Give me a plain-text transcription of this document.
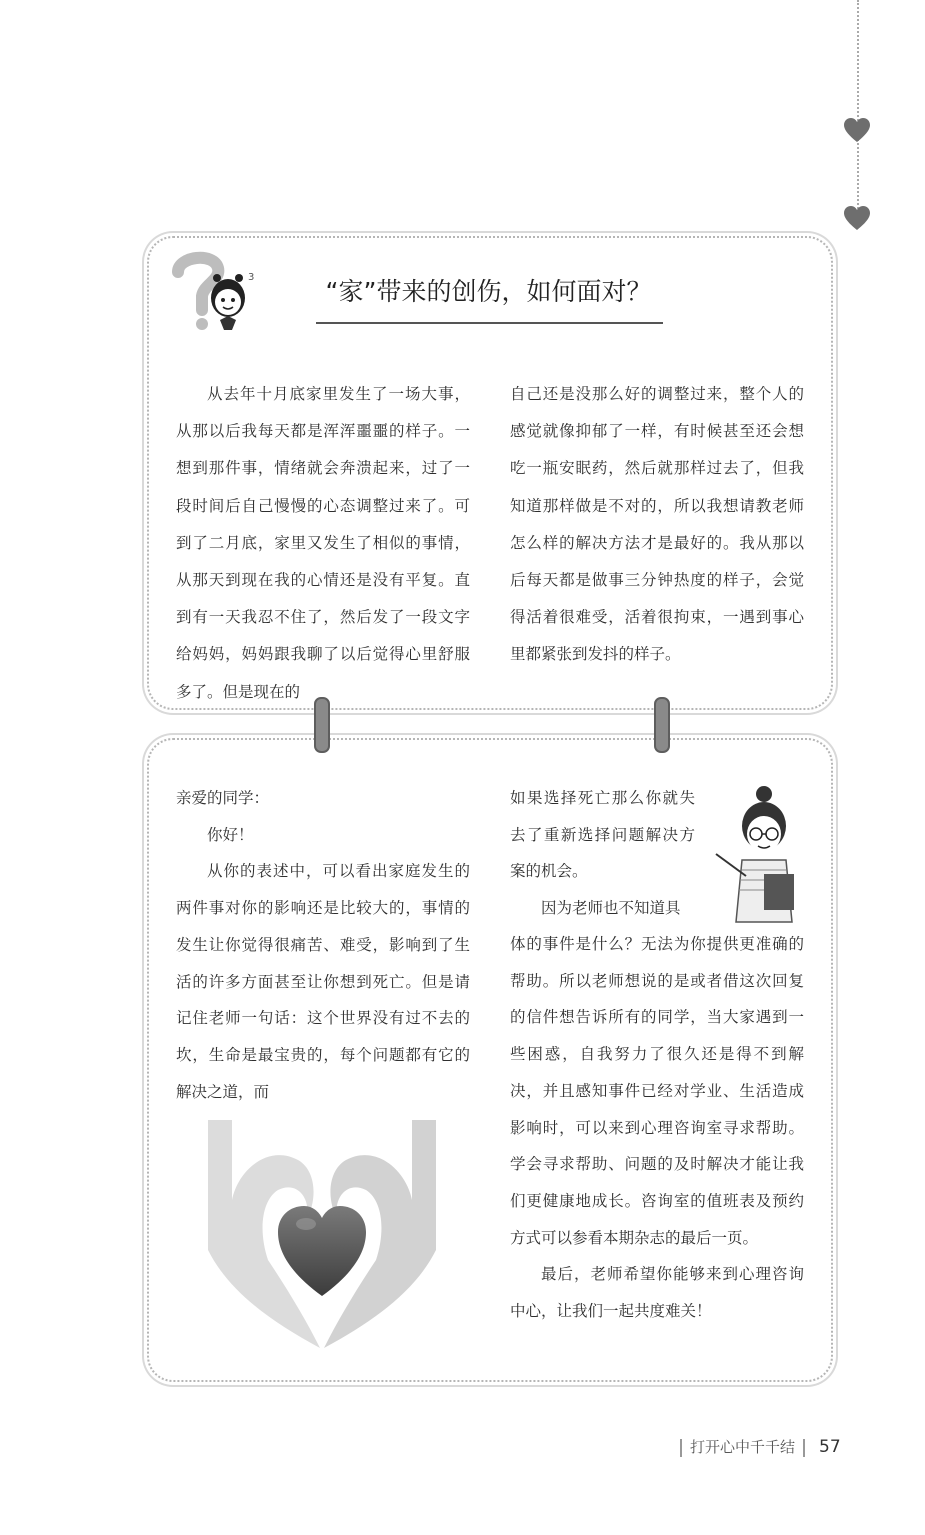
3	“家”带来的创伤，如何面对？

从去年十月底家里发生了一场大事，从那以后我每天都是浑浑噩噩的样子。一想到那件事，情绪就会奔溃起来，过了一段时间后自己慢慢的心态调整过来了。可到了二月底，家里又发生了相似的事情，从那天到现在我的心情还是没有平复。直到有一天我忍不住了，然后发了一段文字给妈妈，妈妈跟我聊了以后觉得心里舒服多了。但是现在的

自己还是没那么好的调整过来，整个人的感觉就像抑郁了一样，有时候甚至还会想吃一瓶安眠药，然后就那样过去了，但我知道那样做是不对的，所以我想请教老师怎么样的解决方法才是最好的。我从那以后每天都是做事三分钟热度的样子，会觉得活着很难受，活着很拘束，一遇到事心里都紧张到发抖的样子。

亲爱的同学：

你好！

从你的表述中，可以看出家庭发生的两件事对你的影响还是比较大的，事情的发生让你觉得很痛苦、难受，影响到了生活的许多方面甚至让你想到死亡。但是请记住老师一句话：这个世界没有过不去的坎，生命是最宝贵的，每个问题都有它的解决之道，而

如果选择死亡那么你就失去了重新选择问题解决方案的机会。

因为老师也不知道具

体的事件是什么？无法为你提供更准确的帮助。所以老师想说的是或者借这次回复的信件想告诉所有的同学，当大家遇到一些困惑，自我努力了很久还是得不到解决，并且感知事件已经对学业、生活造成影响时，可以来到心理咨询室寻求帮助。学会寻求帮助、问题的及时解决才能让我们更健康地成长。咨询室的值班表及预约方式可以参看本期杂志的最后一页。

最后，老师希望你能够来到心理咨询中心，让我们一起共度难关！

打开心中千千结 57
